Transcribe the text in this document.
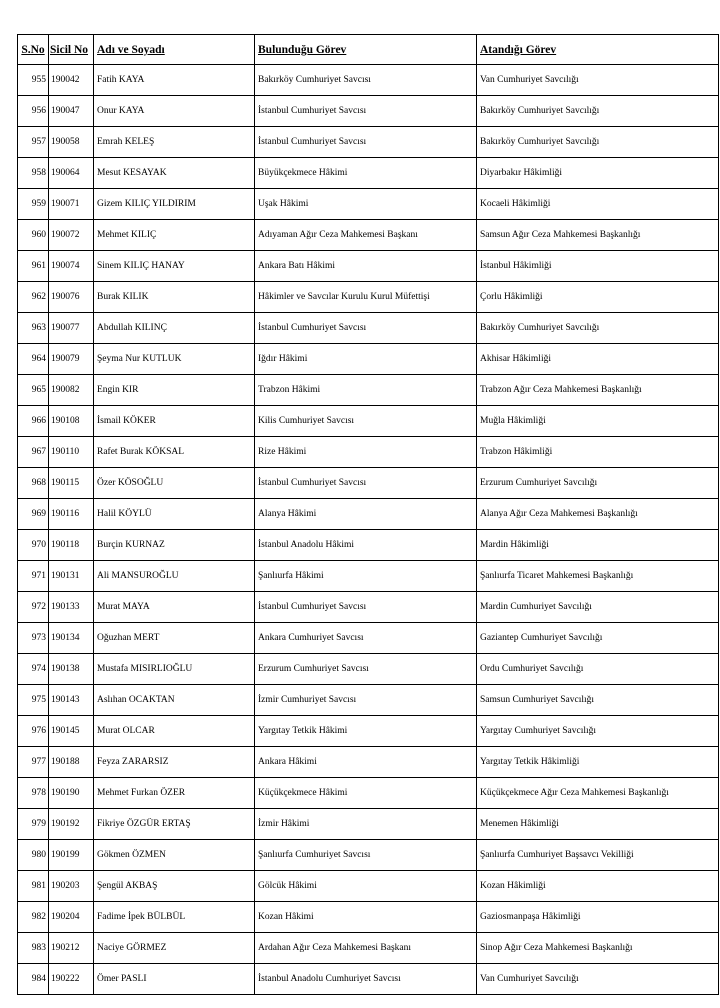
S.No	Sicil No	Adı ve Soyadı	Bulunduğu Görev	Atandığı Görev
955	190042	Fatih KAYA	Bakırköy Cumhuriyet Savcısı	Van Cumhuriyet Savcılığı
956	190047	Onur KAYA	İstanbul Cumhuriyet Savcısı	Bakırköy Cumhuriyet Savcılığı
957	190058	Emrah KELEŞ	İstanbul Cumhuriyet Savcısı	Bakırköy Cumhuriyet Savcılığı
958	190064	Mesut KESAYAK	Büyükçekmece Hâkimi	Diyarbakır Hâkimliği
959	190071	Gizem KILIÇ YILDIRIM	Uşak Hâkimi	Kocaeli Hâkimliği
960	190072	Mehmet KILIÇ	Adıyaman Ağır Ceza Mahkemesi Başkanı	Samsun Ağır Ceza Mahkemesi Başkanlığı
961	190074	Sinem KILIÇ HANAY	Ankara Batı Hâkimi	İstanbul Hâkimliği
962	190076	Burak KILIK	Hâkimler ve Savcılar Kurulu Kurul Müfettişi	Çorlu Hâkimliği
963	190077	Abdullah KILINÇ	İstanbul Cumhuriyet Savcısı	Bakırköy Cumhuriyet Savcılığı
964	190079	Şeyma Nur KUTLUK	Iğdır Hâkimi	Akhisar Hâkimliği
965	190082	Engin KIR	Trabzon Hâkimi	Trabzon Ağır Ceza Mahkemesi Başkanlığı
966	190108	İsmail KÖKER	Kilis Cumhuriyet Savcısı	Muğla Hâkimliği
967	190110	Rafet Burak KÖKSAL	Rize Hâkimi	Trabzon Hâkimliği
968	190115	Özer KÖSOĞLU	İstanbul Cumhuriyet Savcısı	Erzurum Cumhuriyet Savcılığı
969	190116	Halil KÖYLÜ	Alanya Hâkimi	Alanya Ağır Ceza Mahkemesi Başkanlığı
970	190118	Burçin KURNAZ	İstanbul Anadolu Hâkimi	Mardin Hâkimliği
971	190131	Ali MANSUROĞLU	Şanlıurfa Hâkimi	Şanlıurfa Ticaret Mahkemesi Başkanlığı
972	190133	Murat MAYA	İstanbul Cumhuriyet Savcısı	Mardin Cumhuriyet Savcılığı
973	190134	Oğuzhan MERT	Ankara Cumhuriyet Savcısı	Gaziantep Cumhuriyet Savcılığı
974	190138	Mustafa MISIRLIOĞLU	Erzurum Cumhuriyet Savcısı	Ordu Cumhuriyet Savcılığı
975	190143	Aslıhan OCAKTAN	İzmir Cumhuriyet Savcısı	Samsun Cumhuriyet Savcılığı
976	190145	Murat OLCAR	Yargıtay Tetkik Hâkimi	Yargıtay Cumhuriyet Savcılığı
977	190188	Feyza ZARARSIZ	Ankara Hâkimi	Yargıtay Tetkik Hâkimliği
978	190190	Mehmet Furkan ÖZER	Küçükçekmece Hâkimi	Küçükçekmece Ağır Ceza Mahkemesi Başkanlığı
979	190192	Fikriye ÖZGÜR ERTAŞ	İzmir Hâkimi	Menemen Hâkimliği
980	190199	Gökmen ÖZMEN	Şanlıurfa Cumhuriyet Savcısı	Şanlıurfa Cumhuriyet Başsavcı Vekilliği
981	190203	Şengül AKBAŞ	Gölcük Hâkimi	Kozan Hâkimliği
982	190204	Fadime İpek BÜLBÜL	Kozan Hâkimi	Gaziosmanpaşa Hâkimliği
983	190212	Naciye GÖRMEZ	Ardahan Ağır Ceza Mahkemesi Başkanı	Sinop Ağır Ceza Mahkemesi Başkanlığı
984	190222	Ömer PASLI	İstanbul Anadolu Cumhuriyet Savcısı	Van Cumhuriyet Savcılığı
